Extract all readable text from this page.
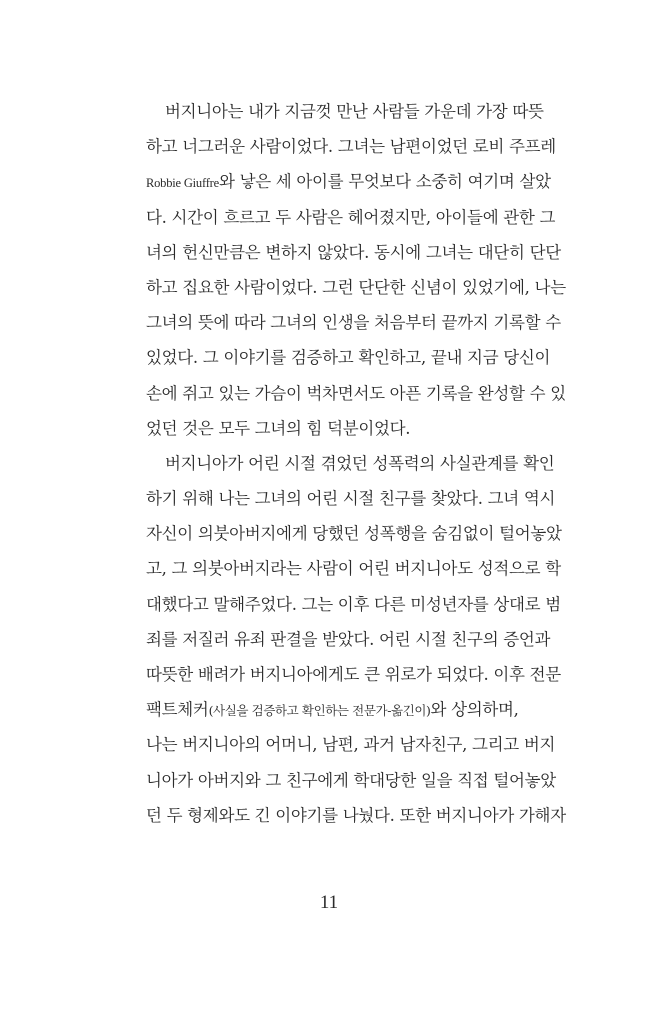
버지니아는 내가 지금껏 만난 사람들 가운데 가장 따뜻
하고 너그러운 사람이었다. 그녀는 남편이었던 로비 주프레
Robbie Giuffre와 낳은 세 아이를 무엇보다 소중히 여기며 살았
다. 시간이 흐르고 두 사람은 헤어졌지만, 아이들에 관한 그
녀의 헌신만큼은 변하지 않았다. 동시에 그녀는 대단히 단단
하고 집요한 사람이었다. 그런 단단한 신념이 있었기에, 나는
그녀의 뜻에 따라 그녀의 인생을 처음부터 끝까지 기록할 수
있었다. 그 이야기를 검증하고 확인하고, 끝내 지금 당신이
손에 쥐고 있는 가슴이 벅차면서도 아픈 기록을 완성할 수 있
었던 것은 모두 그녀의 힘 덕분이었다.
버지니아가 어린 시절 겪었던 성폭력의 사실관계를 확인
하기 위해 나는 그녀의 어린 시절 친구를 찾았다. 그녀 역시
자신이 의붓아버지에게 당했던 성폭행을 숨김없이 털어놓았
고, 그 의붓아버지라는 사람이 어린 버지니아도 성적으로 학
대했다고 말해주었다. 그는 이후 다른 미성년자를 상대로 범
죄를 저질러 유죄 판결을 받았다. 어린 시절 친구의 증언과
따뜻한 배려가 버지니아에게도 큰 위로가 되었다. 이후 전문
팩트체커(사실을 검증하고 확인하는 전문가-옮긴이)와 상의하며,
나는 버지니아의 어머니, 남편, 과거 남자친구, 그리고 버지
니아가 아버지와 그 친구에게 학대당한 일을 직접 털어놓았
던 두 형제와도 긴 이야기를 나눴다. 또한 버지니아가 가해자
11
